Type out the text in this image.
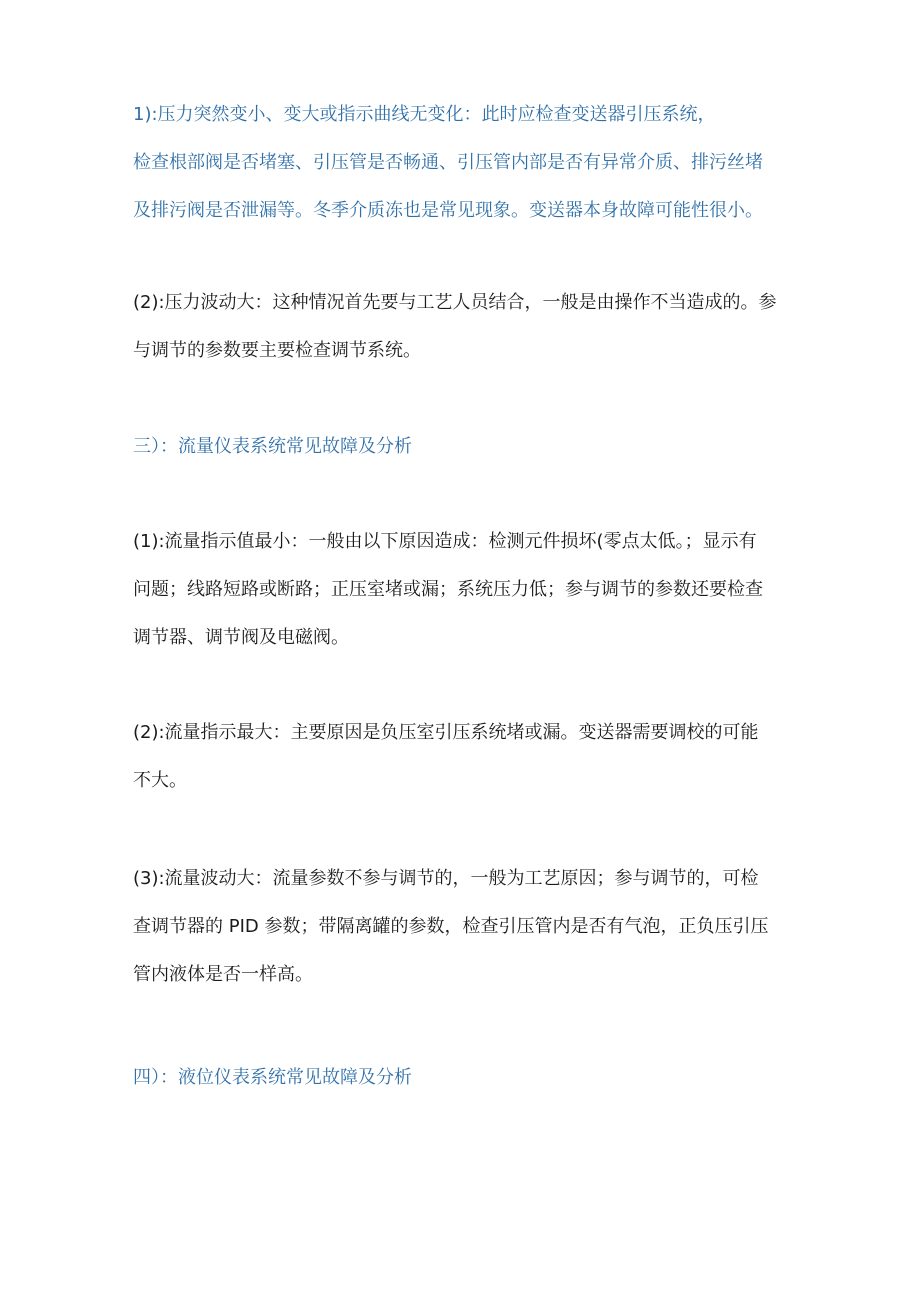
1):压力突然变小、变大或指示曲线无变化：此时应检查变送器引压系统，
检查根部阀是否堵塞、引压管是否畅通、引压管内部是否有异常介质、排污丝堵
及排污阀是否泄漏等。冬季介质冻也是常见现象。变送器本身故障可能性很小。
(2):压力波动大：这种情况首先要与工艺人员结合，一般是由操作不当造成的。参
与调节的参数要主要检查调节系统。
三）：流量仪表系统常见故障及分析
(1):流量指示值最小：一般由以下原因造成：检测元件损坏(零点太低。；显示有
问题；线路短路或断路；正压室堵或漏；系统压力低；参与调节的参数还要检查
调节器、调节阀及电磁阀。
(2):流量指示最大：主要原因是负压室引压系统堵或漏。变送器需要调校的可能
不大。
(3):流量波动大：流量参数不参与调节的，一般为工艺原因；参与调节的，可检
查调节器的 PID 参数；带隔离罐的参数，检查引压管内是否有气泡，正负压引压
管内液体是否一样高。
四）：液位仪表系统常见故障及分析
